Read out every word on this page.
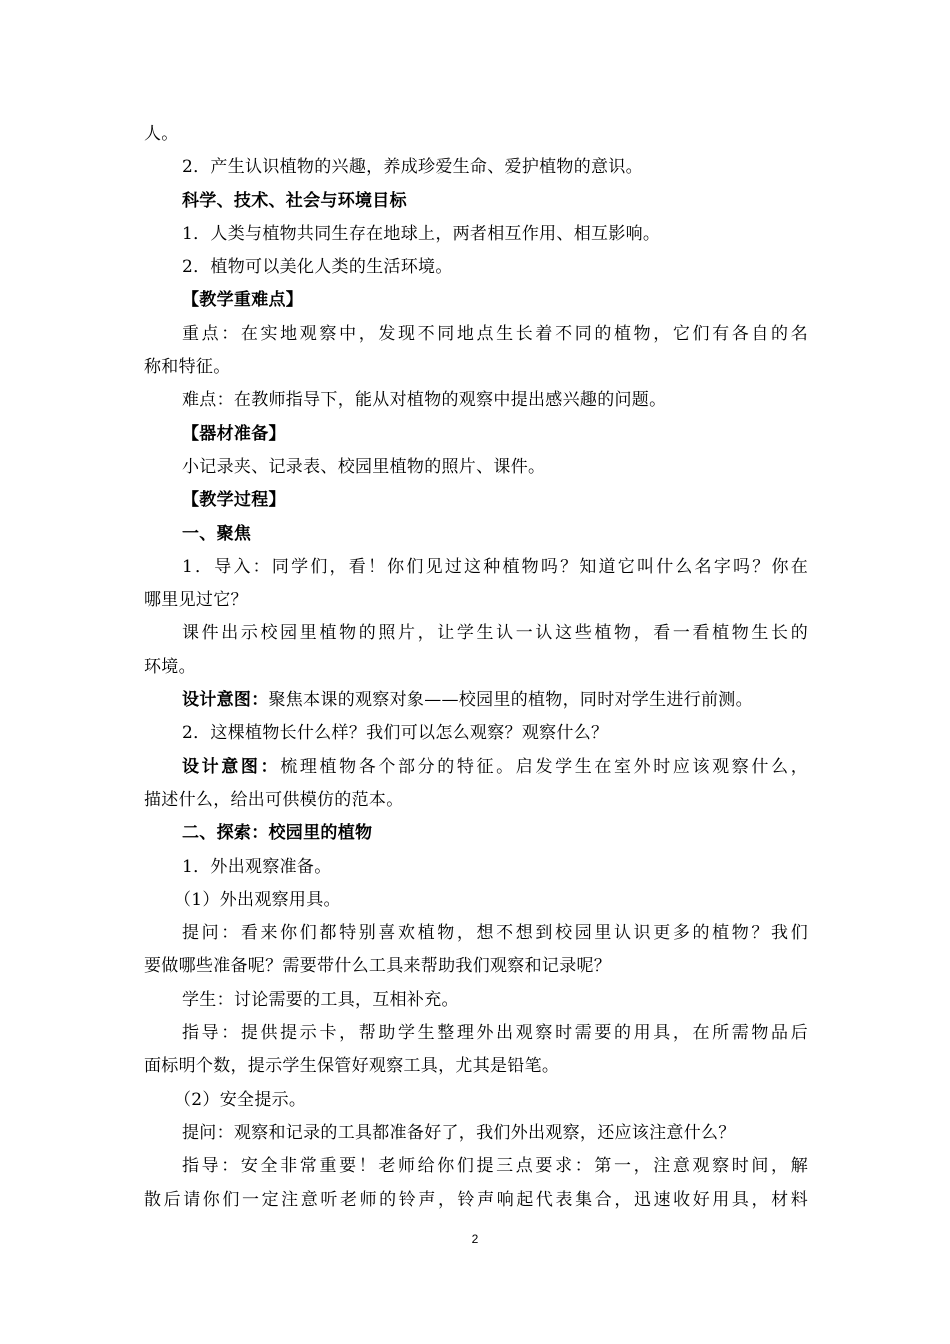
人。
2．产生认识植物的兴趣，养成珍爱生命、爱护植物的意识。
科学、技术、社会与环境目标
1．人类与植物共同生存在地球上，两者相互作用、相互影响。
2．植物可以美化人类的生活环境。
【教学重难点】
重点：在实地观察中，发现不同地点生长着不同的植物，它们有各自的名
称和特征。
难点：在教师指导下，能从对植物的观察中提出感兴趣的问题。
【器材准备】
小记录夹、记录表、校园里植物的照片、课件。
【教学过程】
一、聚焦
1．导入：同学们，看！你们见过这种植物吗？知道它叫什么名字吗？你在
哪里见过它？
课件出示校园里植物的照片，让学生认一认这些植物，看一看植物生长的
环境。
设计意图：聚焦本课的观察对象——校园里的植物，同时对学生进行前测。
2．这棵植物长什么样？我们可以怎么观察？观察什么？
设计意图：梳理植物各个部分的特征。启发学生在室外时应该观察什么，
描述什么，给出可供模仿的范本。
二、探索：校园里的植物
1．外出观察准备。
（1）外出观察用具。
提问：看来你们都特别喜欢植物，想不想到校园里认识更多的植物？我们
要做哪些准备呢？需要带什么工具来帮助我们观察和记录呢？
学生：讨论需要的工具，互相补充。
指导：提供提示卡，帮助学生整理外出观察时需要的用具，在所需物品后
面标明个数，提示学生保管好观察工具，尤其是铅笔。
（2）安全提示。
提问：观察和记录的工具都准备好了，我们外出观察，还应该注意什么？
指导：安全非常重要！老师给你们提三点要求：第一，注意观察时间，解
散后请你们一定注意听老师的铃声，铃声响起代表集合，迅速收好用具，材料
2
